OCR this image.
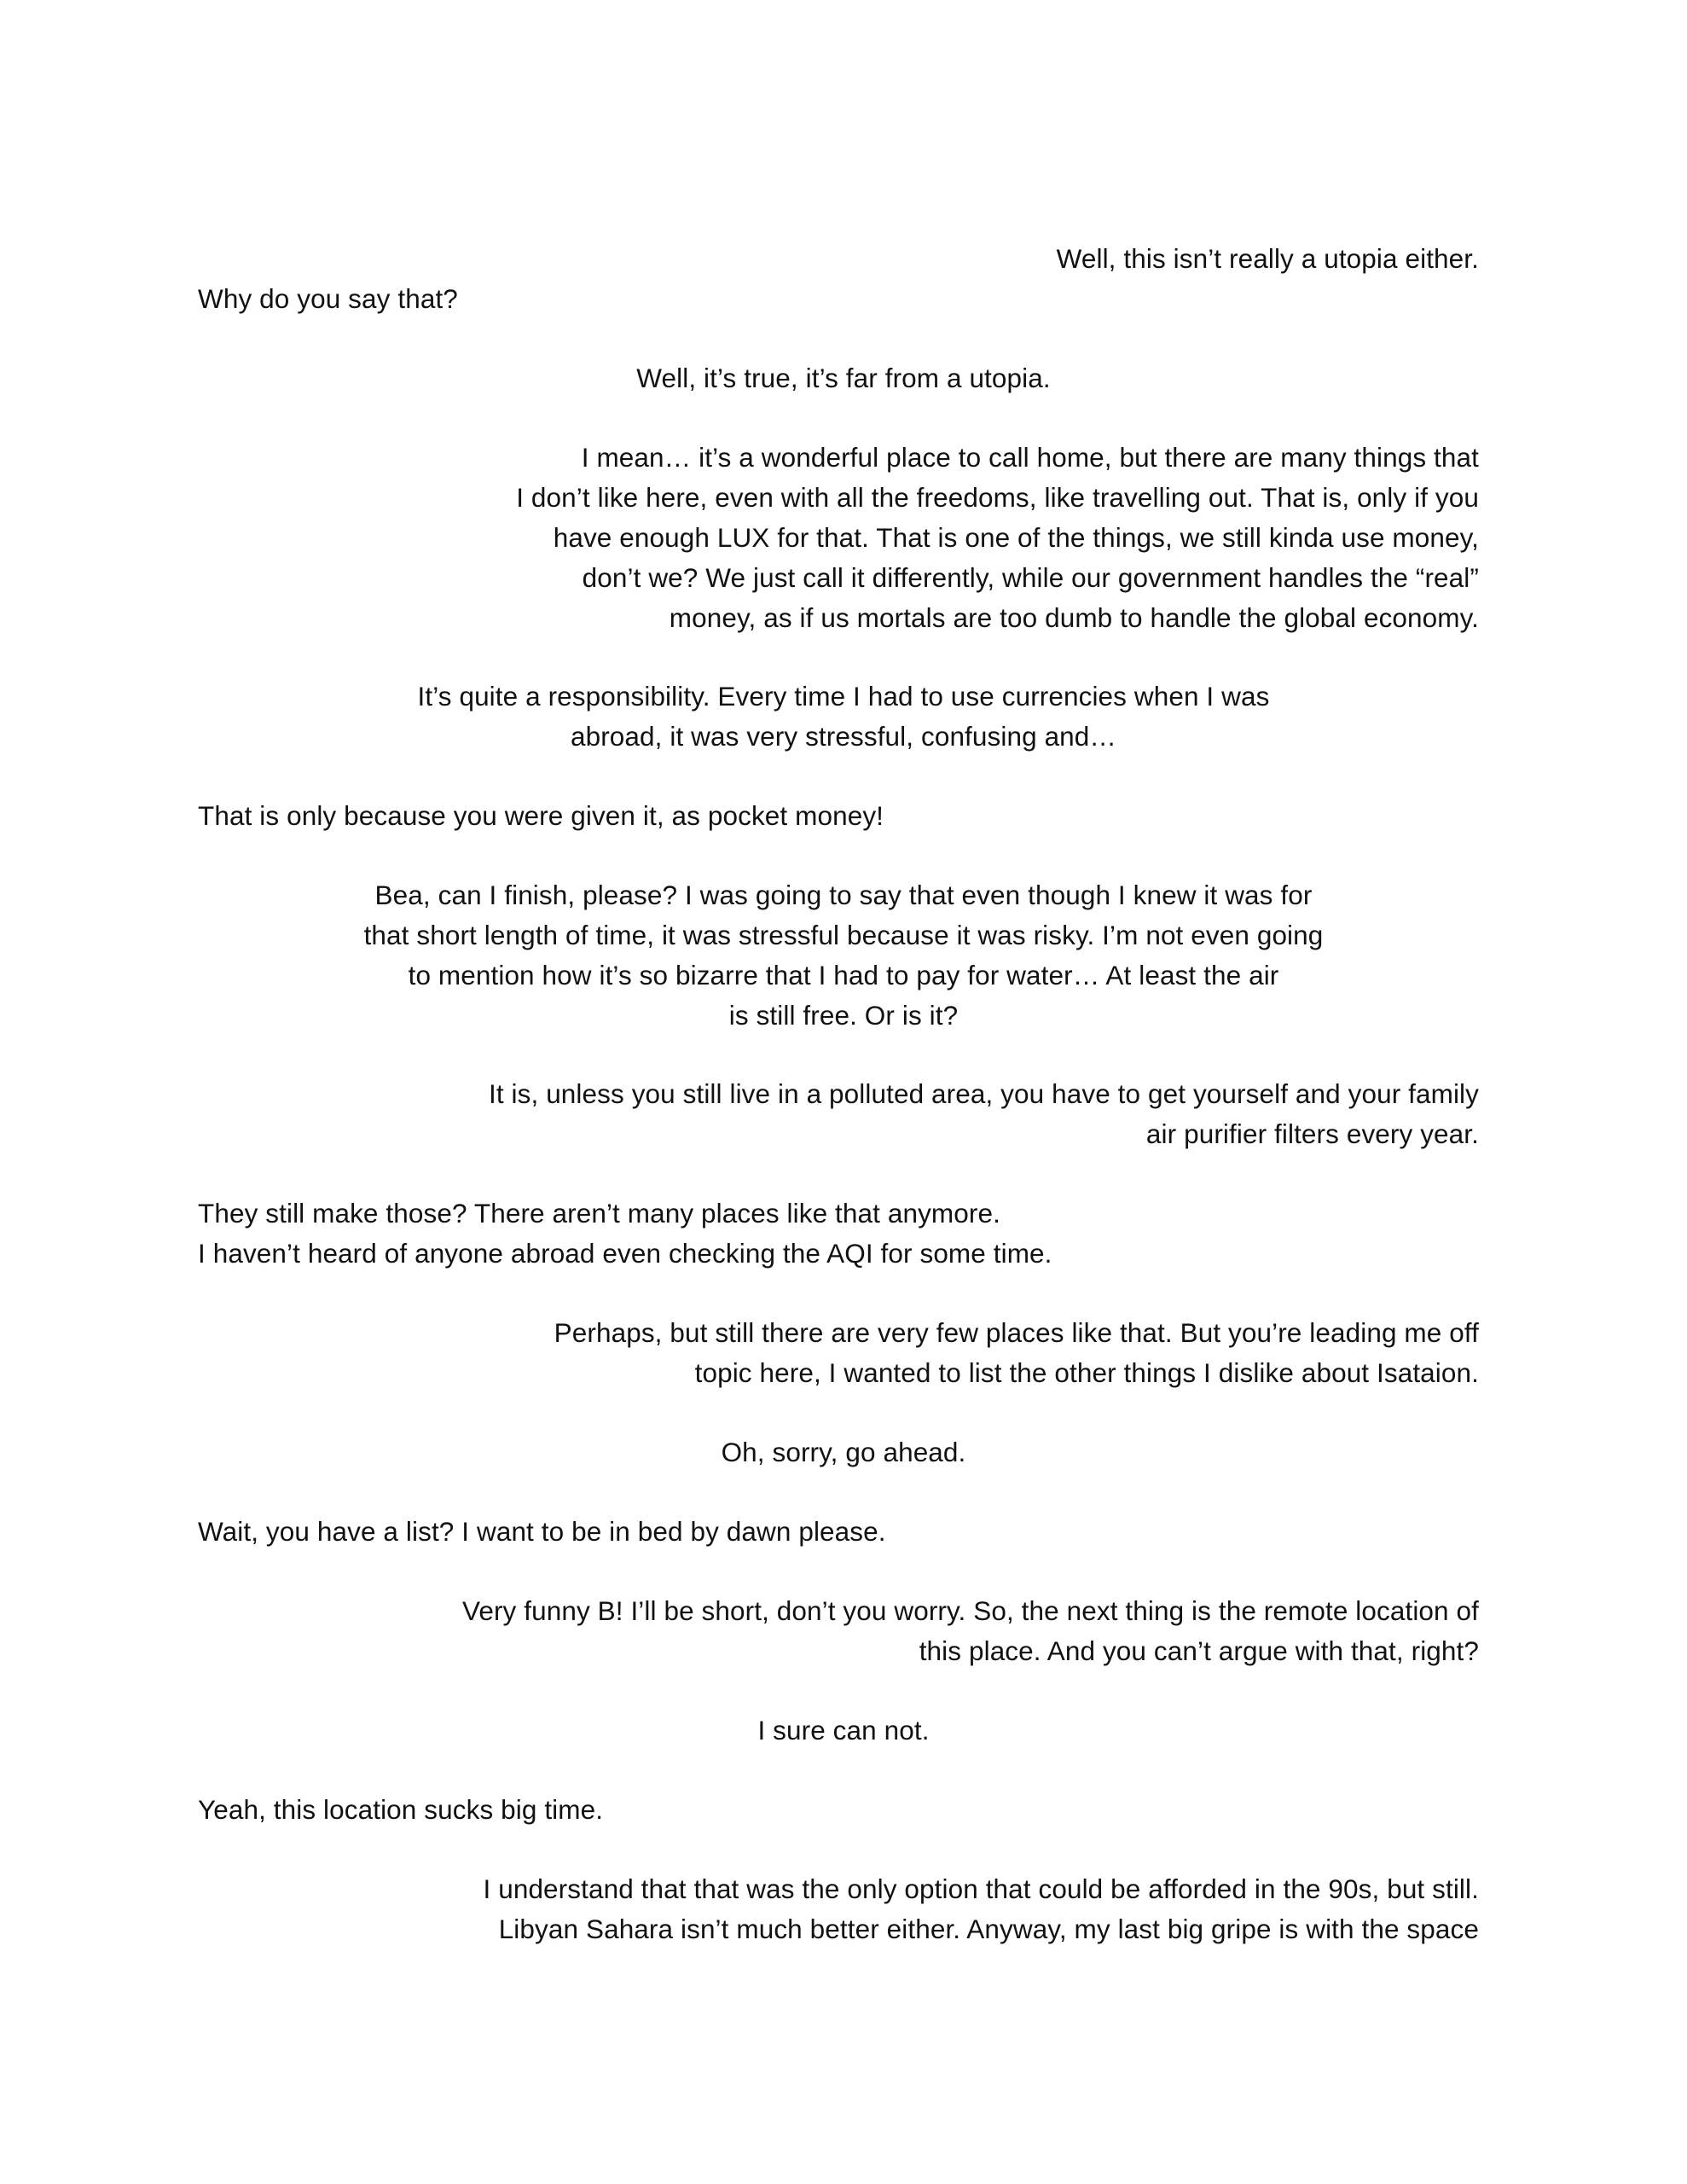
Well, this isn’t really a utopia either.
Why do you say that?
Well, it’s true, it’s far from a utopia.
I mean… it’s a wonderful place to call home, but there are many things that
I don’t like here, even with all the freedoms, like travelling out. That is, only if you
have enough LUX for that. That is one of the things, we still kinda use money,
don’t we? We just call it differently, while our government handles the “real”
money, as if us mortals are too dumb to handle the global economy.
It’s quite a responsibility. Every time I had to use currencies when I was
abroad, it was very stressful, confusing and…
That is only because you were given it, as pocket money!
Bea, can I finish, please? I was going to say that even though I knew it was for
that short length of time, it was stressful because it was risky. I’m not even going
to mention how it’s so bizarre that I had to pay for water… At least the air
is still free. Or is it?
It is, unless you still live in a polluted area, you have to get yourself and your family
air purifier filters every year.
They still make those? There aren’t many places like that anymore.
I haven’t heard of anyone abroad even checking the AQI for some time.
Perhaps, but still there are very few places like that. But you’re leading me off
topic here, I wanted to list the other things I dislike about Isataion.
Oh, sorry, go ahead.
Wait, you have a list? I want to be in bed by dawn please.
Very funny B! I’ll be short, don’t you worry. So, the next thing is the remote location of
this place. And you can’t argue with that, right?
I sure can not.
Yeah, this location sucks big time.
I understand that that was the only option that could be afforded in the 90s, but still.
Libyan Sahara isn’t much better either. Anyway, my last big gripe is with the space
